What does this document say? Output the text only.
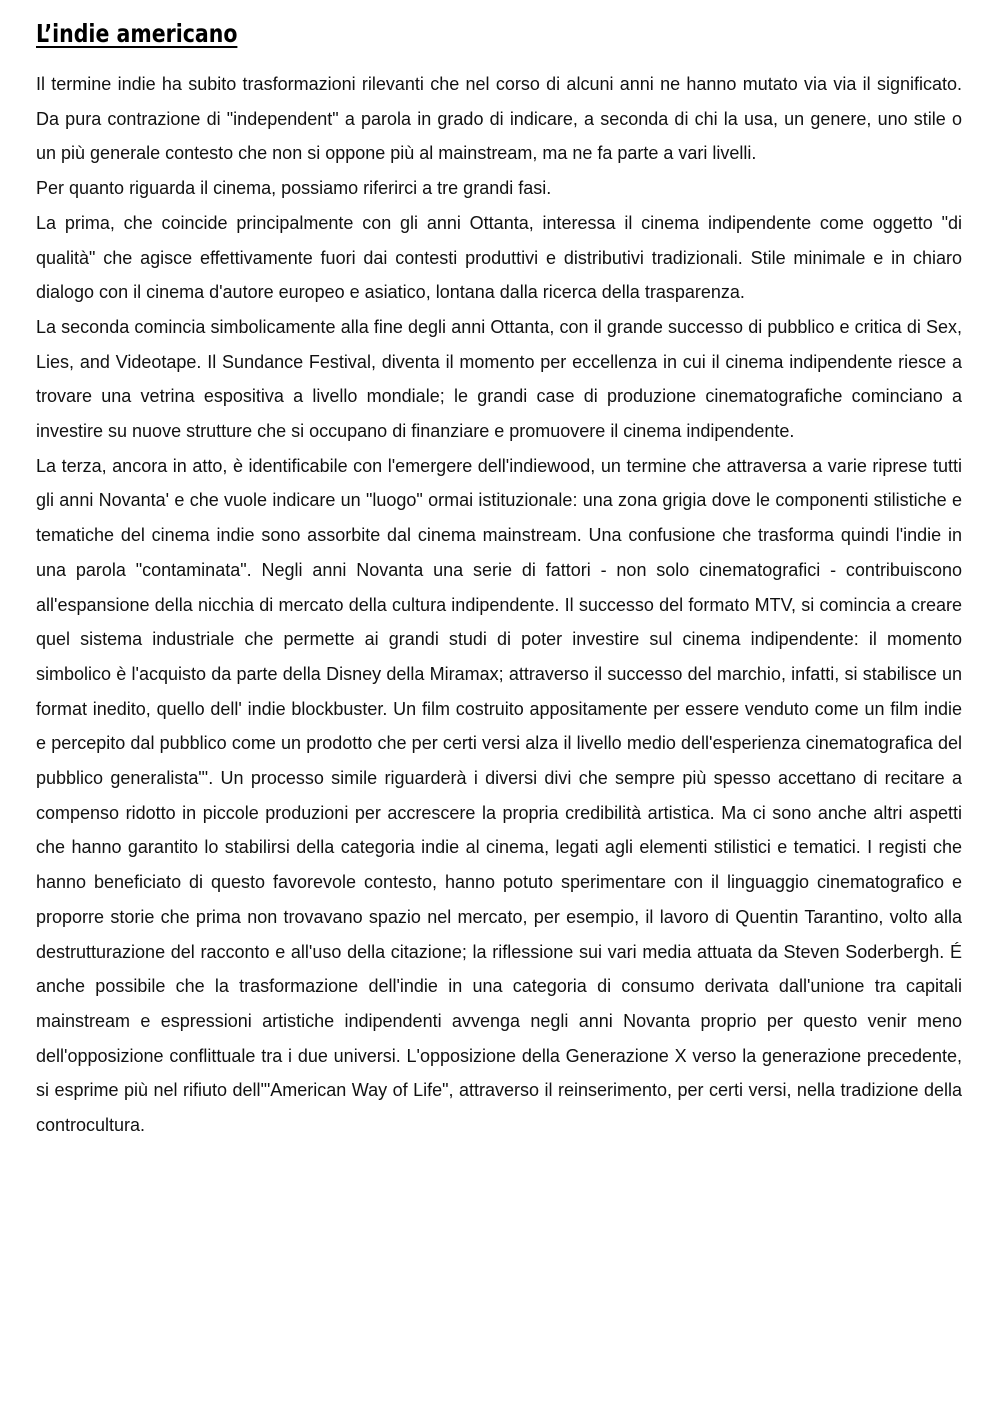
L’indie americano

Il termine indie ha subito trasformazioni rilevanti che nel corso di alcuni anni ne hanno mutato via via il significato. Da pura contrazione di "independent" a parola in grado di indicare, a seconda di chi la usa, un genere, uno stile o un più generale contesto che non si oppone più al mainstream, ma ne fa parte a vari livelli.

Per quanto riguarda il cinema, possiamo riferirci a tre grandi fasi.

La prima, che coincide principalmente con gli anni Ottanta, interessa il cinema indipendente come oggetto "di qualità" che agisce effettivamente fuori dai contesti produttivi e distributivi tradizionali. Stile minimale e in chiaro dialogo con il cinema d'autore europeo e asiatico, lontana dalla ricerca della trasparenza.

La seconda comincia simbolicamente alla fine degli anni Ottanta, con il grande successo di pubblico e critica di Sex, Lies, and Videotape. Il Sundance Festival, diventa il momento per eccellenza in cui il cinema indipendente riesce a trovare una vetrina espositiva a livello mondiale; le grandi case di produzione cinematografiche cominciano a investire su nuove strutture che si occupano di finanziare e promuovere il cinema indipendente.

La terza, ancora in atto, è identificabile con l'emergere dell'indiewood, un termine che attraversa a varie riprese tutti gli anni Novanta' e che vuole indicare un "luogo" ormai istituzionale: una zona grigia dove le componenti stilistiche e tematiche del cinema indie sono assorbite dal cinema mainstream. Una confusione che trasforma quindi l'indie in una parola "contaminata". Negli anni Novanta una serie di fattori - non solo cinematografici - contribuiscono all'espansione della nicchia di mercato della cultura indipendente. Il successo del formato MTV, si comincia a creare quel sistema industriale che permette ai grandi studi di poter investire sul cinema indipendente: il momento simbolico è l'acquisto da parte della Disney della Miramax; attraverso il successo del marchio, infatti, si stabilisce un format inedito, quello dell' indie blockbuster. Un film costruito appositamente per essere venduto come un film indie e percepito dal pubblico come un prodotto che per certi versi alza il livello medio dell'esperienza cinematografica del pubblico generalista"'. Un processo simile riguarderà i diversi divi che sempre più spesso accettano di recitare a compenso ridotto in piccole produzioni per accrescere la propria credibilità artistica. Ma ci sono anche altri aspetti che hanno garantito lo stabilirsi della categoria indie al cinema, legati agli elementi stilistici e tematici. I registi che hanno beneficiato di questo favorevole contesto, hanno potuto sperimentare con il linguaggio cinematografico e proporre storie che prima non trovavano spazio nel mercato, per esempio, il lavoro di Quentin Tarantino, volto alla destrutturazione del racconto e all'uso della citazione; la riflessione sui vari media attuata da Steven Soderbergh. É anche possibile che la trasformazione dell'indie in una categoria di consumo derivata dall'unione tra capitali mainstream e espressioni artistiche indipendenti avvenga negli anni Novanta proprio per questo venir meno dell'opposizione conflittuale tra i due universi. L'opposizione della Generazione X verso la generazione precedente, si esprime più nel rifiuto dell'"American Way of Life", attraverso il reinserimento, per certi versi, nella tradizione della controcultura.
